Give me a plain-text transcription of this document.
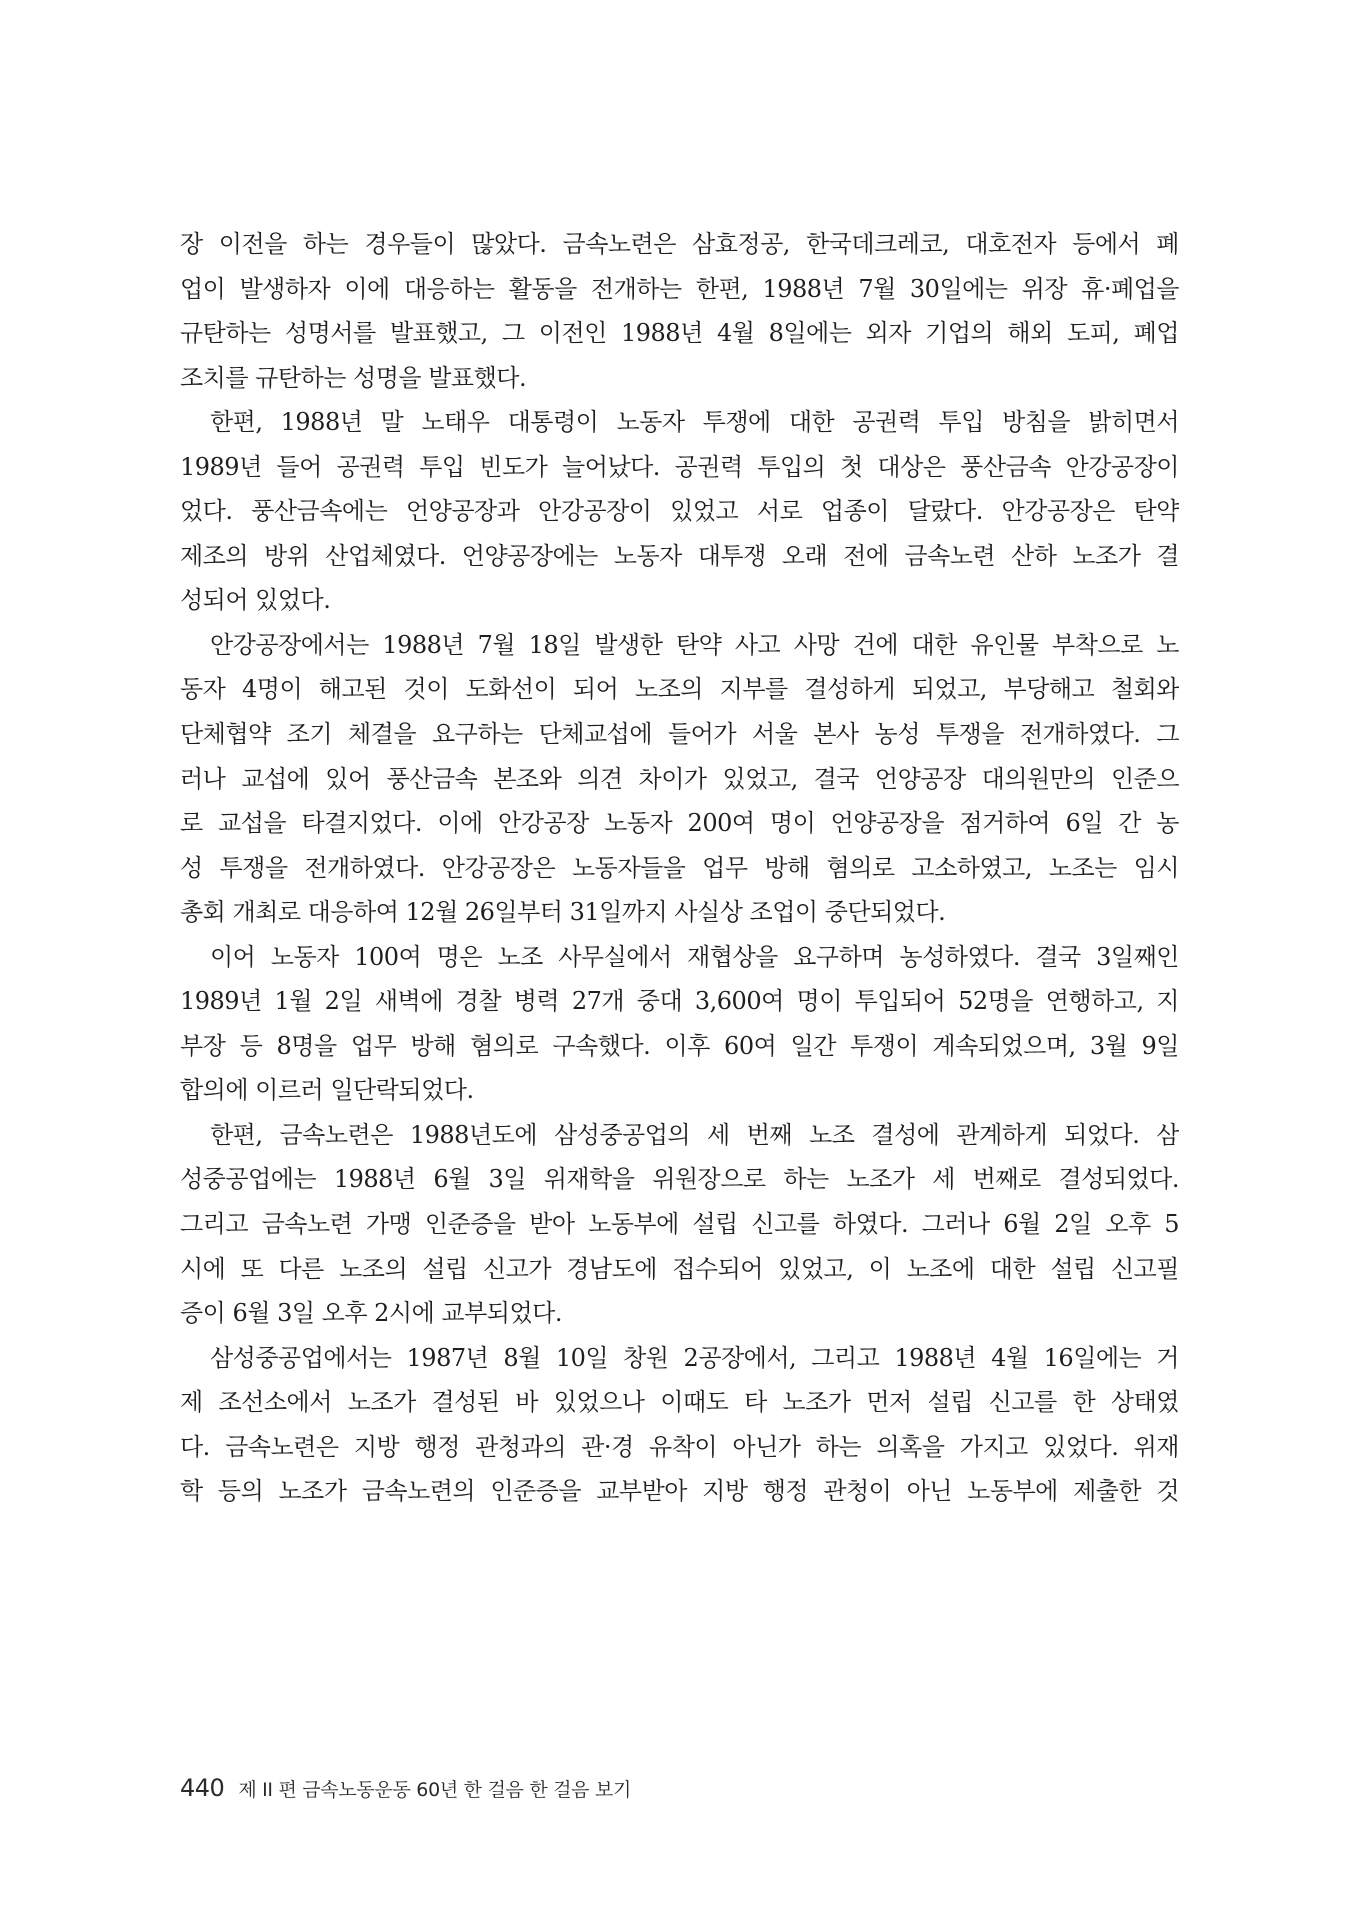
장 이전을 하는 경우들이 많았다. 금속노련은 삼효정공, 한국데크레코, 대호전자 등에서 폐
업이 발생하자 이에 대응하는 활동을 전개하는 한편, 1988년 7월 30일에는 위장 휴·폐업을
규탄하는 성명서를 발표했고, 그 이전인 1988년 4월 8일에는 외자 기업의 해외 도피, 폐업
조치를 규탄하는 성명을 발표했다.
한편, 1988년 말 노태우 대통령이 노동자 투쟁에 대한 공권력 투입 방침을 밝히면서
1989년 들어 공권력 투입 빈도가 늘어났다. 공권력 투입의 첫 대상은 풍산금속 안강공장이
었다. 풍산금속에는 언양공장과 안강공장이 있었고 서로 업종이 달랐다. 안강공장은 탄약
제조의 방위 산업체였다. 언양공장에는 노동자 대투쟁 오래 전에 금속노련 산하 노조가 결
성되어 있었다.
안강공장에서는 1988년 7월 18일 발생한 탄약 사고 사망 건에 대한 유인물 부착으로 노
동자 4명이 해고된 것이 도화선이 되어 노조의 지부를 결성하게 되었고, 부당해고 철회와
단체협약 조기 체결을 요구하는 단체교섭에 들어가 서울 본사 농성 투쟁을 전개하였다. 그
러나 교섭에 있어 풍산금속 본조와 의견 차이가 있었고, 결국 언양공장 대의원만의 인준으
로 교섭을 타결지었다. 이에 안강공장 노동자 200여 명이 언양공장을 점거하여 6일 간 농
성 투쟁을 전개하였다. 안강공장은 노동자들을 업무 방해 혐의로 고소하였고, 노조는 임시
총회 개최로 대응하여 12월 26일부터 31일까지 사실상 조업이 중단되었다.
이어 노동자 100여 명은 노조 사무실에서 재협상을 요구하며 농성하였다. 결국 3일째인
1989년 1월 2일 새벽에 경찰 병력 27개 중대 3,600여 명이 투입되어 52명을 연행하고, 지
부장 등 8명을 업무 방해 혐의로 구속했다. 이후 60여 일간 투쟁이 계속되었으며, 3월 9일
합의에 이르러 일단락되었다.
한편, 금속노련은 1988년도에 삼성중공업의 세 번째 노조 결성에 관계하게 되었다. 삼
성중공업에는 1988년 6월 3일 위재학을 위원장으로 하는 노조가 세 번째로 결성되었다.
그리고 금속노련 가맹 인준증을 받아 노동부에 설립 신고를 하였다. 그러나 6월 2일 오후 5
시에 또 다른 노조의 설립 신고가 경남도에 접수되어 있었고, 이 노조에 대한 설립 신고필
증이 6월 3일 오후 2시에 교부되었다.
삼성중공업에서는 1987년 8월 10일 창원 2공장에서, 그리고 1988년 4월 16일에는 거
제 조선소에서 노조가 결성된 바 있었으나 이때도 타 노조가 먼저 설립 신고를 한 상태였
다. 금속노련은 지방 행정 관청과의 관·경 유착이 아닌가 하는 의혹을 가지고 있었다. 위재
학 등의 노조가 금속노련의 인준증을 교부받아 지방 행정 관청이 아닌 노동부에 제출한 것
440 제 II 편 금속노동운동 60년 한 걸음 한 걸음 보기
